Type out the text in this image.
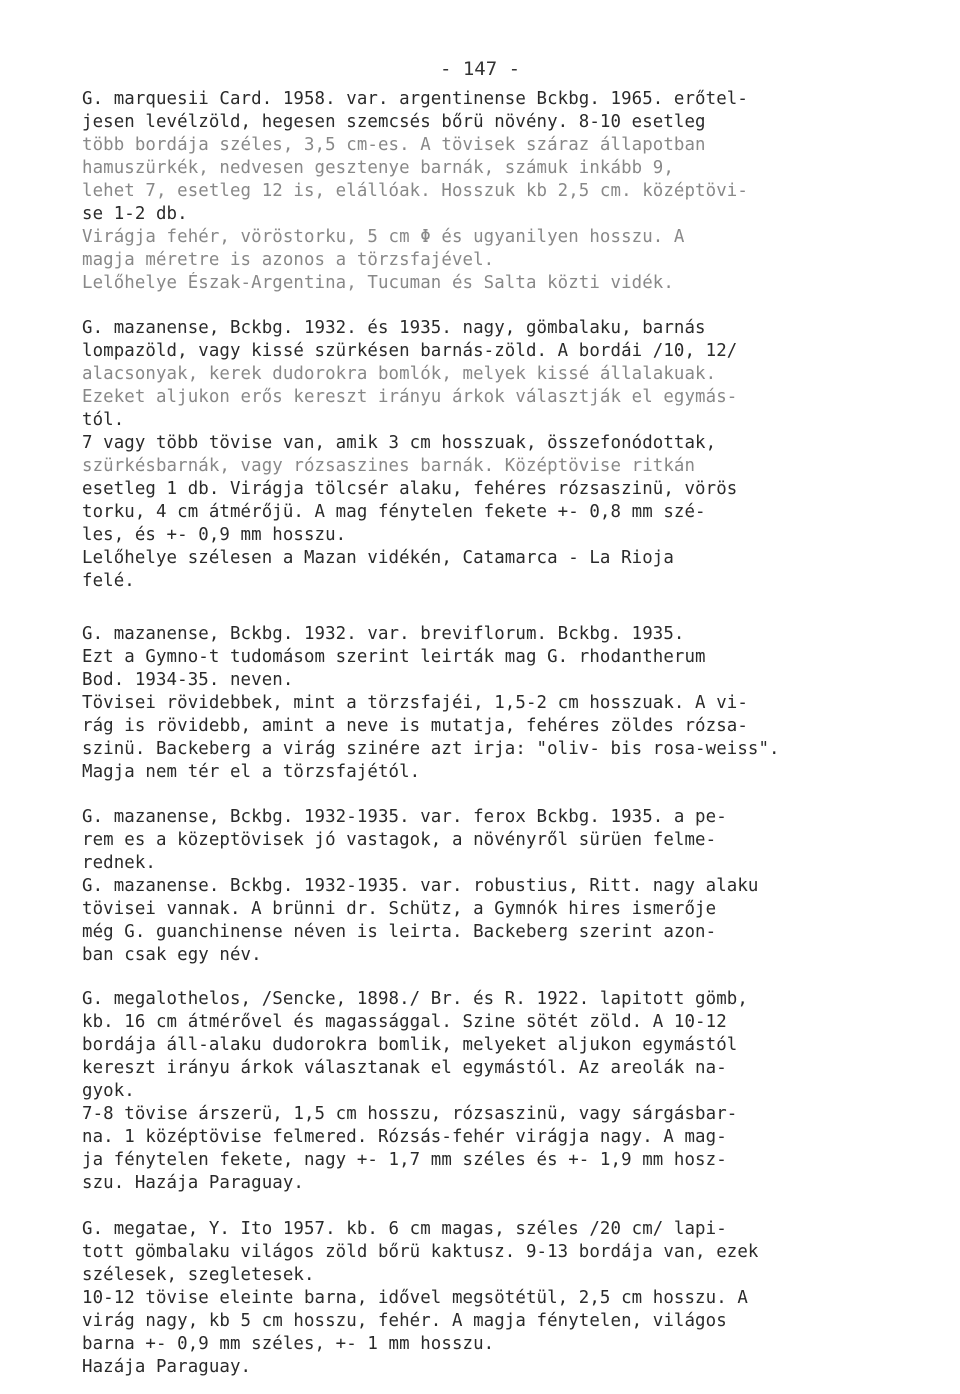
- 147 -
G. marquesii Card. 1958. var. argentinense Bckbg. 1965. erőtel-
jesen levélzöld, hegesen szemcsés bőrü növény. 8-10 esetleg
több bordája széles, 3,5 cm-es. A tövisek száraz állapotban
hamuszürkék, nedvesen gesztenye barnák, számuk inkább 9,
lehet 7, esetleg 12 is, elállóak. Hosszuk kb 2,5 cm. középtövi-
se 1-2 db.
Virágja fehér, vöröstorku, 5 cm Φ és ugyanilyen hosszu. A
magja méretre is azonos a törzsfajével.
Lelőhelye Észak-Argentina, Tucuman és Salta közti vidék.
G. mazanense, Bckbg. 1932. és 1935. nagy, gömbalaku, barnás
lompazöld, vagy kissé szürkésen barnás-zöld. A bordái /10, 12/
alacsonyak, kerek dudorokra bomlók, melyek kissé állalakuak.
Ezeket aljukon erős kereszt irányu árkok választják el egymás-
tól.
7 vagy több tövise van, amik 3 cm hosszuak, összefonódottak,
szürkésbarnák, vagy rózsaszines barnák. Középtövise ritkán
esetleg 1 db. Virágja tölcsér alaku, fehéres rózsaszinü, vörös
torku, 4 cm átmérőjü. A mag fénytelen fekete +- 0,8 mm szé-
les, és +- 0,9 mm hosszu.
Lelőhelye szélesen a Mazan vidékén, Catamarca - La Rioja
felé.
G. mazanense, Bckbg. 1932. var. breviflorum. Bckbg. 1935.
Ezt a Gymno-t tudomásom szerint leirták mag G. rhodantherum
Bod. 1934-35. neven.
Tövisei rövidebbek, mint a törzsfajéi, 1,5-2 cm hosszuak. A vi-
rág is rövidebb, amint a neve is mutatja, fehéres zöldes rózsa-
szinü. Backeberg a virág szinére azt irja: "oliv- bis rosa-weiss".
Magja nem tér el a törzsfajétól.
G. mazanense, Bckbg. 1932-1935. var. ferox Bckbg. 1935. a pe-
rem es a közeptövisek jó vastagok, a növényről sürüen felme-
rednek.
G. mazanense. Bckbg. 1932-1935. var. robustius, Ritt. nagy alaku
tövisei vannak. A brünni dr. Schütz, a Gymnók hires ismerője
még G. guanchinense néven is leirta. Backeberg szerint azon-
ban csak egy név.
G. megalothelos, /Sencke, 1898./ Br. és R. 1922. lapitott gömb,
kb. 16 cm átmérővel és magassággal. Szine sötét zöld. A 10-12
bordája áll-alaku dudorokra bomlik, melyeket aljukon egymástól
kereszt irányu árkok választanak el egymástól. Az areolák na-
gyok.
7-8 tövise árszerü, 1,5 cm hosszu, rózsaszinü, vagy sárgásbar-
na. 1 középtövise felmered. Rózsás-fehér virágja nagy. A mag-
ja fénytelen fekete, nagy +- 1,7 mm széles és +- 1,9 mm hosz-
szu. Hazája Paraguay.
G. megatae, Y. Ito 1957. kb. 6 cm magas, széles /20 cm/ lapi-
tott gömbalaku világos zöld bőrü kaktusz. 9-13 bordája van, ezek
szélesek, szegletesek.
10-12 tövise eleinte barna, idővel megsötétül, 2,5 cm hosszu. A
virág nagy, kb 5 cm hosszu, fehér. A magja fénytelen, világos
barna +- 0,9 mm széles, +- 1 mm hosszu.
Hazája Paraguay.
